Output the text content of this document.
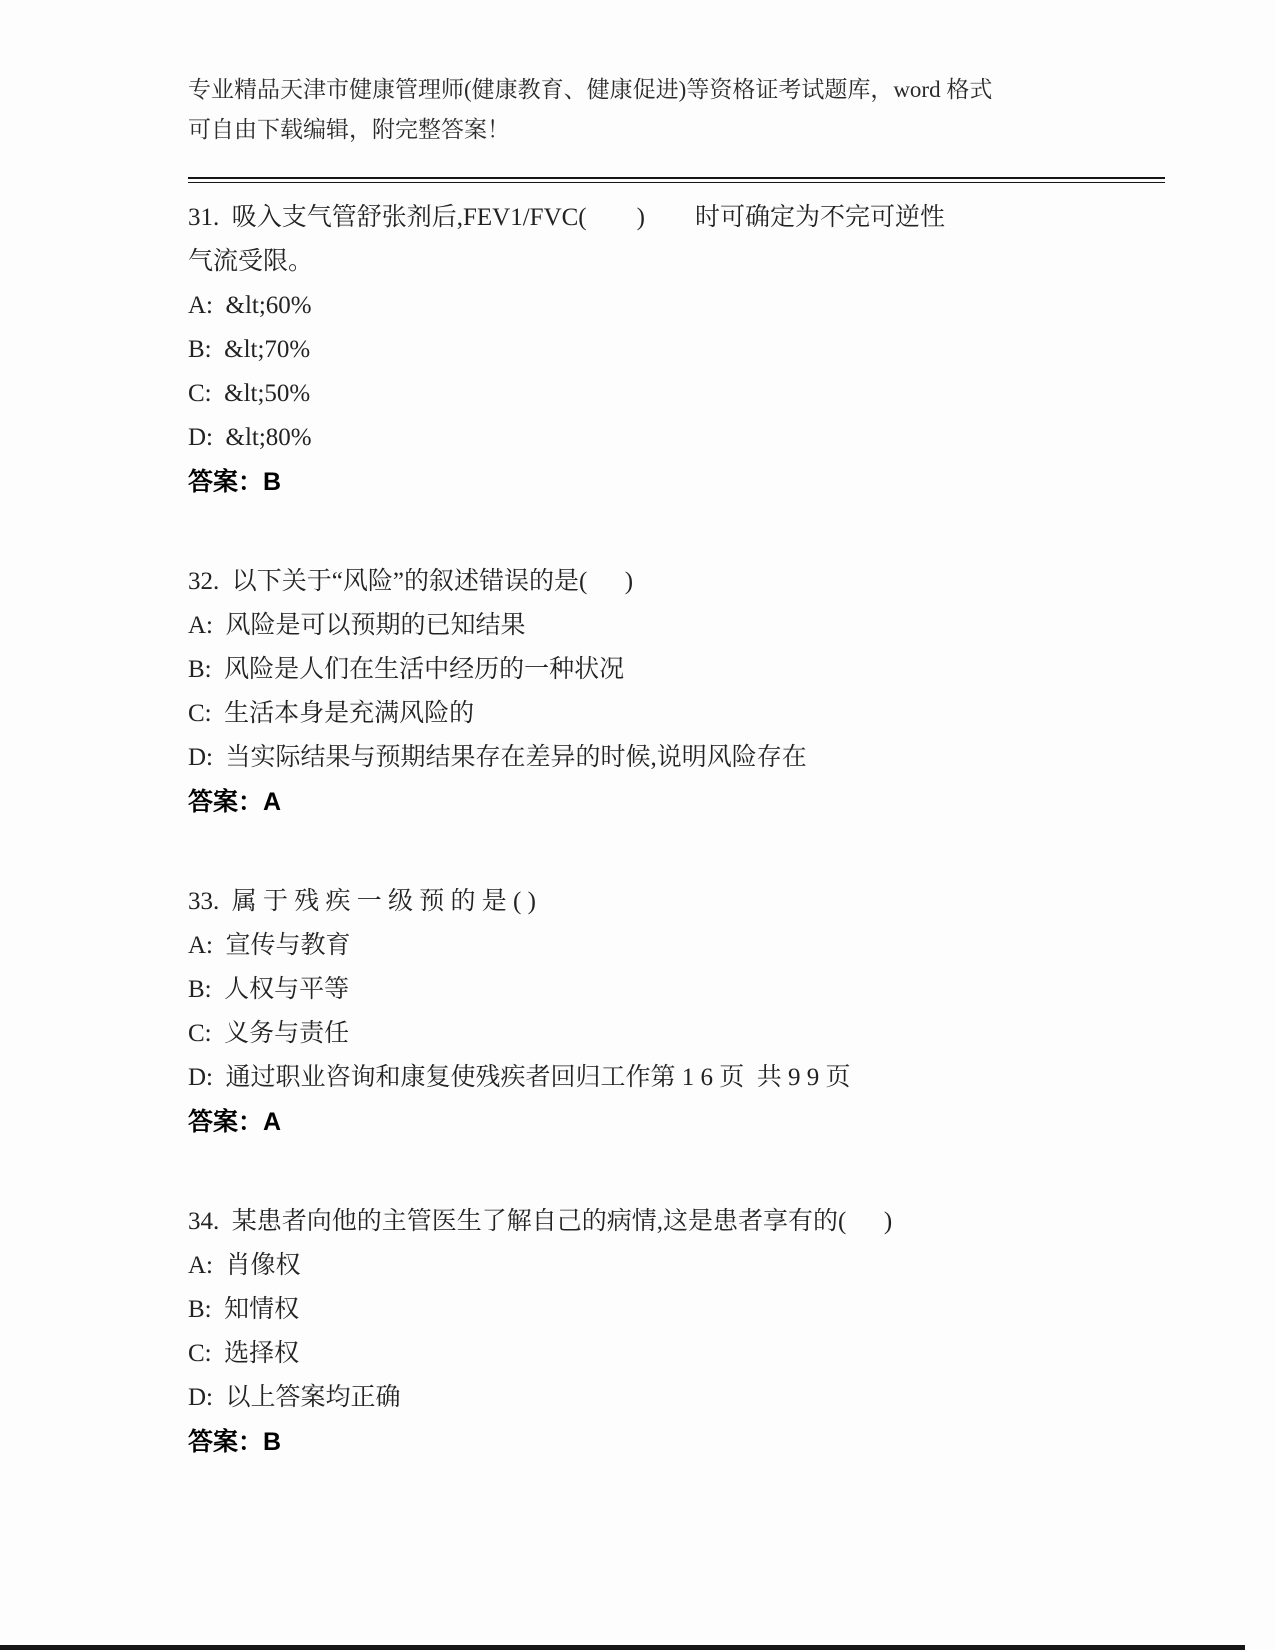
专业精品天津市健康管理师(健康教育、健康促进)等资格证考试题库，word 格式
可自由下载编辑，附完整答案！
31.  吸入支气管舒张剂后,FEV1/FVC(        )        时可确定为不完可逆性
气流受限。
A:  &lt;60%
B:  &lt;70%
C:  &lt;50%
D:  &lt;80%
答案：B
32.  以下关于“风险”的叙述错误的是(      )
A:  风险是可以预期的已知结果
B:  风险是人们在生活中经历的一种状况
C:  生活本身是充满风险的
D:  当实际结果与预期结果存在差异的时候,说明风险存在
答案：A
33.  属 于 残 疾 一 级 预 的 是 ( )
A:  宣传与教育
B:  人权与平等
C:  义务与责任
D:  通过职业咨询和康复使残疾者回归工作第 1 6 页  共 9 9 页
答案：A
34.  某患者向他的主管医生了解自己的病情,这是患者享有的(      )
A:  肖像权
B:  知情权
C:  选择权
D:  以上答案均正确
答案：B
